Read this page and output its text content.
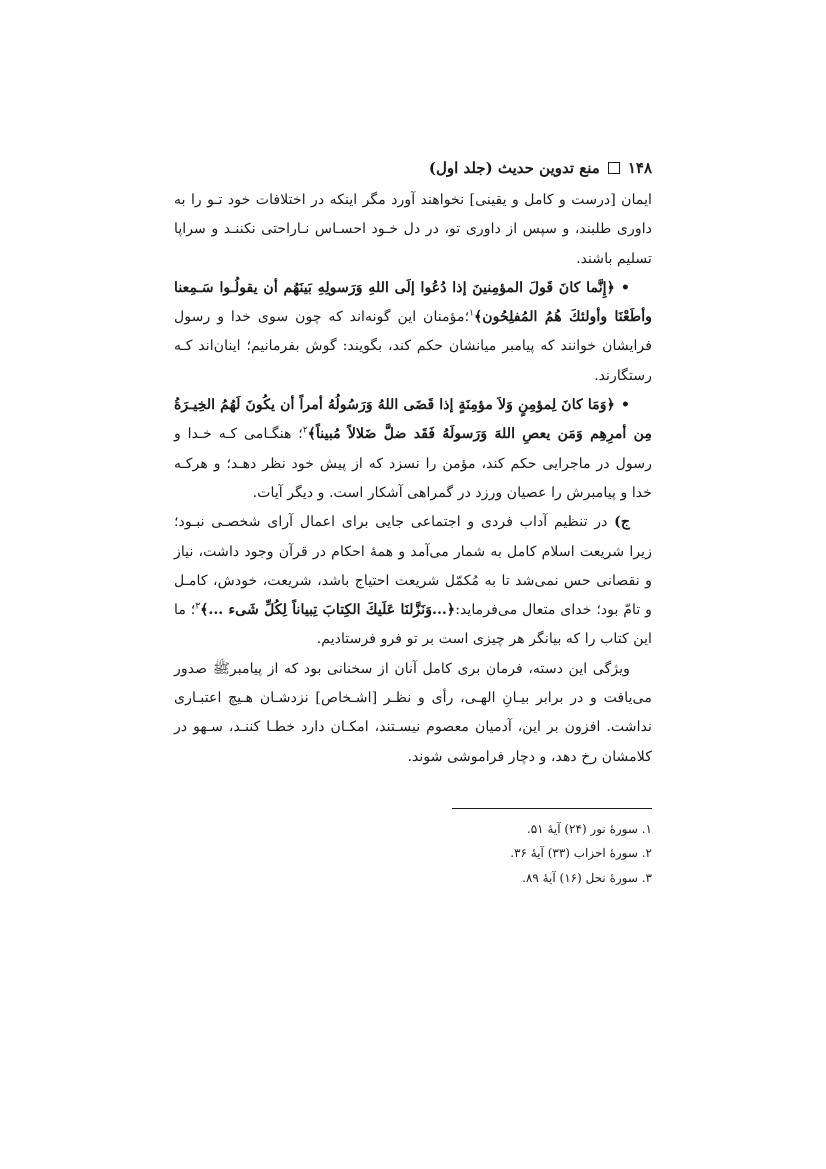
۱۴۸
منع تدوین حدیث (جلد اول)

ایمان [درست و کامل و یقینی] نخواهند آورد مگر اینکه در اختلافات خود تـو را به داوری طلبند، و سپس از داوری تو، در دل خـود احسـاس نـاراحتی نکننـد و سراپا تسلیم باشند.

•﴿إِنَّما كانَ قَولَ المؤمِنينَ إذا دُعُوا إلَی اللهِ وَرَسولِهِ بَينَهُم أن يقولُـوا سَـمِعنا وأطَعْنَا وأولئكَ هُمُ المُفلِحُون﴾$^۱$؛مؤمنان این گونه‌اند که چون سوی خدا و رسول فرایشان خوانند که پیامبر میانشان حکم کند، بگویند: گوش بفرمانیم؛ اینان‌اند کـه رستگارند.

•﴿وَمَا كانَ لِمؤمِنٍ وَلاَ مؤمِنَةٍ إذا قَضَی اللهُ وَرَسُولُهُ أمراً أن يكُونَ لَهُمُ الخِيـرَةُ مِن أمرِهِم وَمَن يعصِ اللهَ وَرَسولَهُ فَقَد ضلَّ ضَلالاً مُبيناً﴾$^۲$؛ هنگـامی کـه خـدا و رسول در ماجرایی حکم کند، مؤمن را نسزد که از پیش خود نظر دهـد؛ و هرکـه خدا و پیامبرش را عصیان ورزد در گمراهی آشکار است. و دیگر آیات.

ج) در تنظیم آداب فردی و اجتماعی جایی برای اعمال آرای شخصـی نبـود؛ زیرا شریعت اسلام کامل به شمار می‌آمد و همهٔ احکام در قرآن وجود داشت، نیاز و نقصانی حس نمی‌شد تا به مُکمّل شریعت احتیاج باشد، شریعت، خودش، کامـل و تامّ بود؛ خدای متعال می‌فرماید:﴿...وَنَزَّلنَا عَلَيكَ الكِتابَ تِبياناً لِكُلِّ شَیء ...﴾$^۳$؛ ما این کتاب را که بیانگر هر چیزی است بر تو فرو فرستادیم.

ویژگی این دسته، فرمان بری کامل آنان از سخنانی بود که از پیامبرﷺ صدور می‌یافت و در برابر بیـانِ الهـی، رأی و نظـر [اشـخاص] نزدشـان هـیچ اعتبـاری نداشت. افزون بر این، آدمیان معصوم نیسـتند، امکـان دارد خطـا کننـد، سـهو در کلامشان رخ دهد، و دچار فراموشی شوند.

۱. سورهٔ نور (۲۴) آیهٔ ۵۱.
۲. سورهٔ احزاب (۳۳) آیهٔ ۳۶.
۳. سورهٔ نحل (۱۶) آیهٔ ۸۹.
